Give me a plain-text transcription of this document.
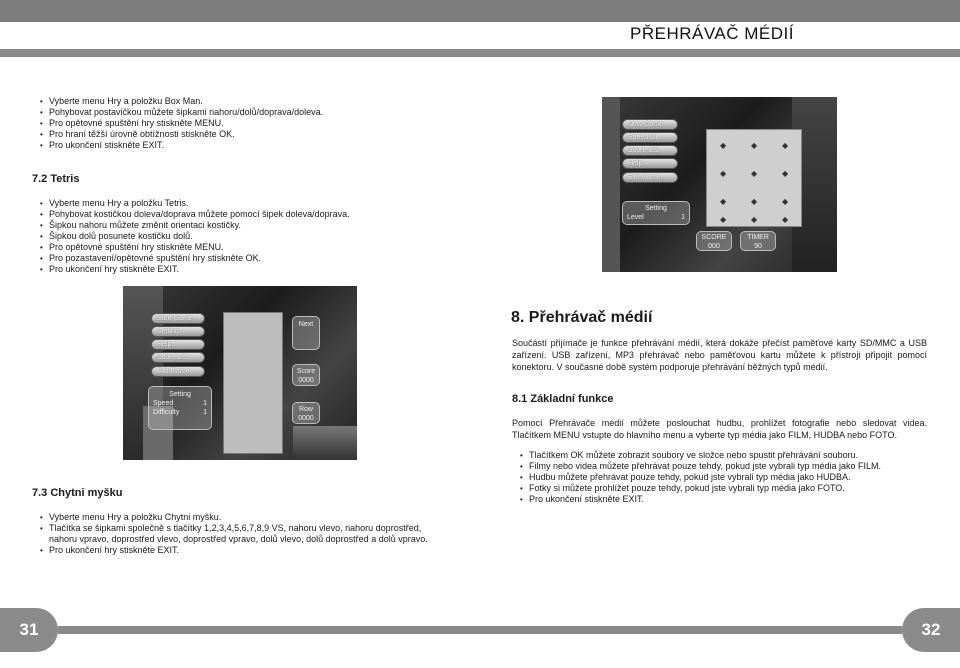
PŘEHRÁVAČ MÉDIÍ
• Vyberte menu Hry a položku Box Man.
• Pohybovat postavičkou můžete šipkami nahoru/dolů/doprava/doleva.
• Pro opětovné spuštění hry stiskněte MENU.
• Pro hraní těžší úrovně obtížnosti stiskněte OK.
• Pro ukončení stiskněte EXIT.
7.2 Tetris
• Vyberte menu Hry a položku Tetris.
• Pohybovat kostičkou doleva/doprava můžete pomocí šipek doleva/doprava.
• Šipkou nahoru můžete změnit orientaci kostičky.
• Šipkou dolů posunete kostičku dolů.
• Pro opětovné spuštění hry stiskněte MENU.
• Pro pozastavení/opětovné spuštění hry stiskněte OK.
• Pro ukončení hry stiskněte EXIT.
Start Game
Setting
Help
Score List
Exit Game
Setting
Speed	1
Difficulty	1
Next
Score
0000
Row
0000
7.3 Chytni myšku
• Vyberte menu Hry a položku Chytni myšku.
• Tlačítka se šipkami společně s tlačítky 1,2,3,4,5,6,7,8,9 VS, nahoru vlevo, nahoru doprostřed, nahoru vpravo, doprostřed vlevo, doprostřed vpravo, dolů vlevo, dolů doprostřed a dolů vpravo.
• Pro ukončení hry stiskněte EXIT.
New Game
Speed 01
Score List
Help
Exit Game
Setting
Level	1
◆	◆	◆
◆	◆	◆
◆	◆	◆
◆	◆	◆
SCORE
000
TIMER
90
8. Přehrávač médií
Součástí přijímače je funkce přehrávání médií, která dokáže přečíst paměťové karty SD/MMC a USB zařízení. USB zařízení, MP3 přehrávač nebo paměťovou kartu můžete k přístroji připojit pomocí konektoru. V současné době systém podporuje přehrávání běžných typů médií.
8.1 Základní funkce
Pomocí Přehrávače médií můžete poslouchat hudbu, prohlížet fotografie nebo sledovat videa. Tlačítkem MENU vstupte do hlavního menu a vyberte typ média jako FILM, HUDBA nebo FOTO.
• Tlačítkem OK můžete zobrazit soubory ve složce nebo spustit přehrávání souboru.
• Filmy nebo videa můžete přehrávat pouze tehdy, pokud jste vybrali typ média jako FILM.
• Hudbu můžete přehrávat pouze tehdy, pokud jste vybrali typ média jako HUDBA.
• Fotky si můžete prohlížet pouze tehdy, pokud jste vybrali typ média jako FOTO.
• Pro ukončení stiskněte EXIT.
31	32
